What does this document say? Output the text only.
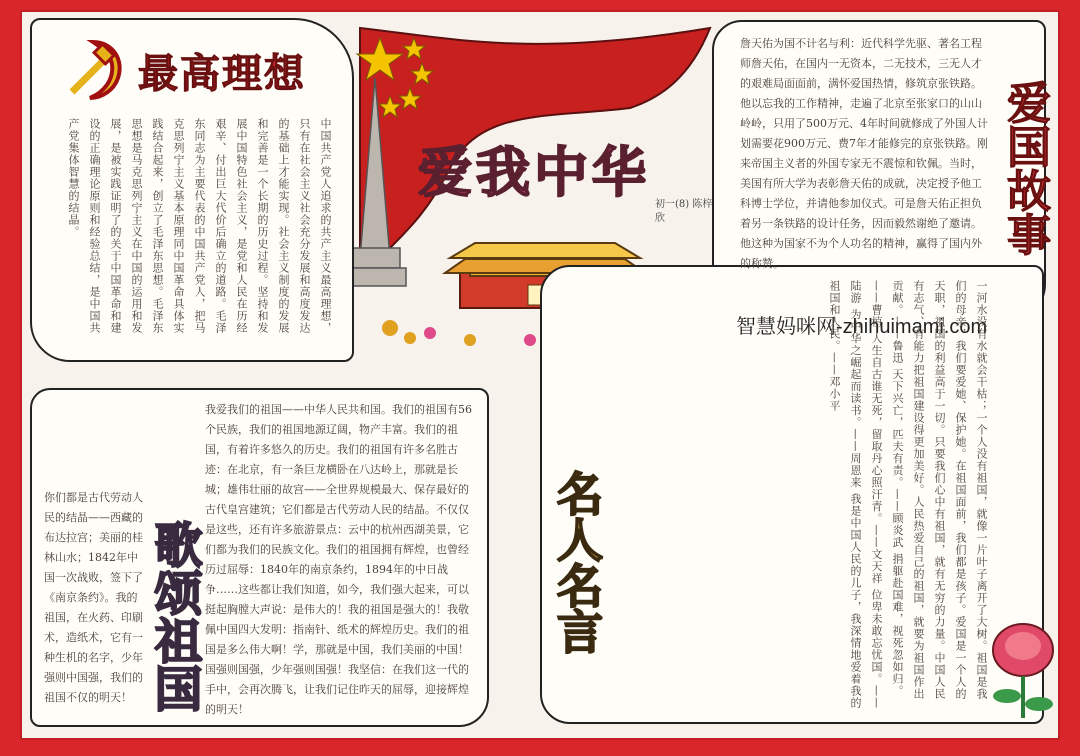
最高理想
中国共产党人追求的共产主义最高理想，只有在社会主义社会充分发展和高度发达的基础上才能实现。社会主义制度的发展和完善是一个长期的历史过程。坚持和发展中国特色社会主义，是党和人民在历经艰辛、付出巨大代价后确立的道路。毛泽东同志为主要代表的中国共产党人，把马克思列宁主义基本原理同中国革命具体实践结合起来，创立了毛泽东思想。毛泽东思想是马克思列宁主义在中国的运用和发展，是被实践证明了的关于中国革命和建设的正确理论原则和经验总结，是中国共产党集体智慧的结晶。	爱我中华
初一(8) 陈梓欣
詹天佑为国不计名与利：近代科学先驱、著名工程师詹天佑，在国内一无资本，二无技术，三无人才的艰难局面面前，满怀爱国热情，修筑京张铁路。他以忘我的工作精神，走遍了北京至张家口的山山岭岭，只用了500万元、4年时间就修成了外国人计划需要花900万元、费7年才能修完的京张铁路。刚来帝国主义者的外国专家无不震惊和钦佩。当时，美国有所大学为表彰詹天佑的成就，决定授予他工科博士学位，并请他参加仪式。可是詹天佑正担负着另一条铁路的设计任务，因而毅然谢绝了邀请。他这种为国家不为个人功名的精神，赢得了国内外的称赞。
爱国故事
智慧妈咪网-zhihuimami.com
我爱我们的祖国——中华人民共和国。我们的祖国有56个民族，我们的祖国地源辽阔，物产丰富。我们的祖国，有着许多悠久的历史。我们的祖国有许多名胜古迹：在北京，有一条巨龙横卧在八达岭上，那就是长城；雄伟壮丽的故宫——全世界规模最大、保存最好的古代皇宫建筑；它们都是古代劳动人民的结晶。不仅仅是这些，还有许多旅游景点：云中的杭州西湖美景，它们都为我们的民族文化。我们的祖国拥有辉煌，也曾经历过屈辱：1840年的南京条约，1894年的中日战争……这些都让我们知道，如今，我们强大起来，可以挺起胸膛大声说：是伟大的！我的祖国是强大的！我敬佩中国四大发明：指南针、纸术的辉煌历史。我们的祖国是多么伟大啊！学，那就是中国，我们美丽的中国！国强则国强，少年强则国强！我坚信：在我们这一代的手中，会再次腾飞，让我们记住昨天的屈辱，迎接辉煌的明天！
你们都是古代劳动人民的结晶——西藏的布达拉宫；美丽的桂林山水；1842年中国一次战败，签下了《南京条约》。我的祖国，在火药、印刷术，造纸术，它有一种生机的名字，少年强则中国强，我们的祖国不仅的明天！ 歌颂祖国	一河水没有水就会干枯；一个人没有祖国，就像一片叶子离开了大树。祖国是我们的母亲，我们要爱她、保护她。在祖国面前，我们都是孩子。爱国是一个人的天职，祖国的利益高于一切。只要我们心中有祖国，就有无穷的力量。中国人民有志气、有能力把祖国建设得更加美好。人民热爱自己的祖国，就要为祖国作出贡献。——鲁迅 天下兴亡，匹夫有责。——顾炎武 捐躯赴国难，视死忽如归。——曹植 人生自古谁无死，留取丹心照汗青。——文天祥 位卑未敢忘忧国。——陆游 为中华之崛起而读书。——周恩来 我是中国人民的儿子，我深情地爱着我的祖国和人民。——邓小平
名人名言
